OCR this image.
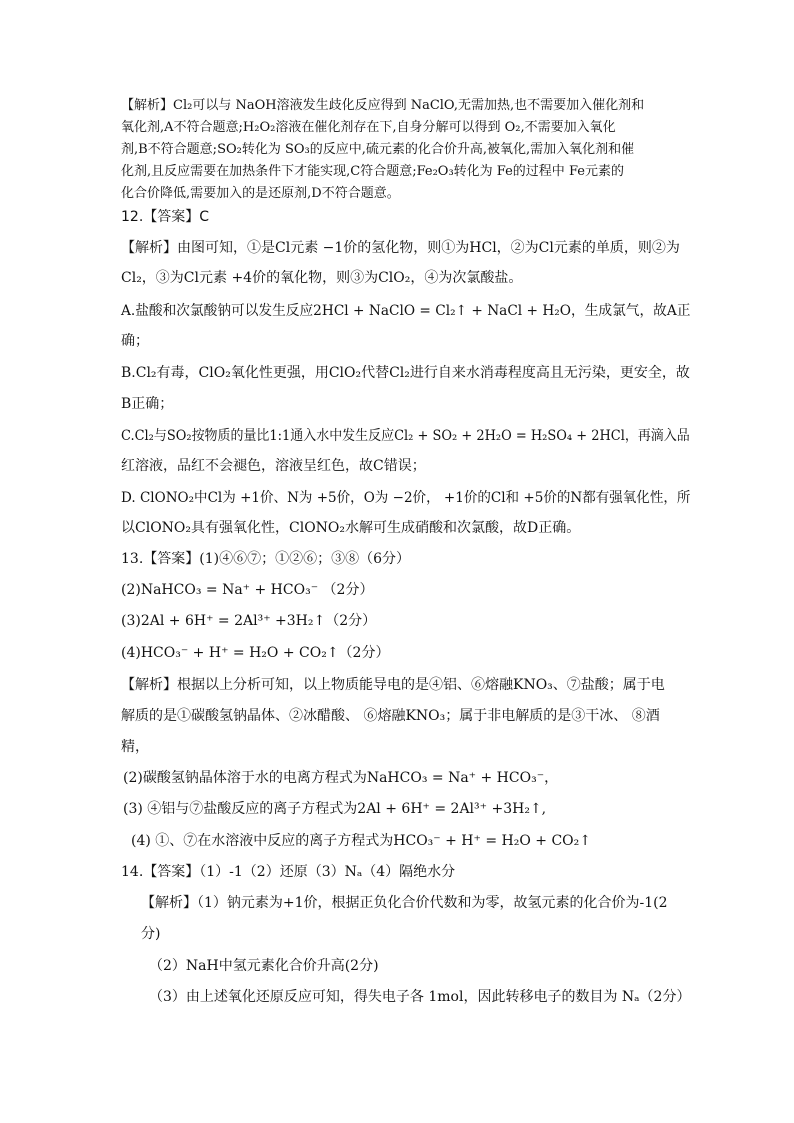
【解析】Cl₂可以与 NaOH溶液发生歧化反应得到 NaClO,无需加热,也不需要加入催化剂和
氧化剂,A不符合题意;H₂O₂溶液在催化剂存在下,自身分解可以得到 O₂,不需要加入氧化
剂,B不符合题意;SO₂转化为 SO₃的反应中,硫元素的化合价升高,被氧化,需加入氧化剂和催
化剂,且反应需要在加热条件下才能实现,C符合题意;Fe₂O₃转化为 Fe的过程中 Fe元素的
化合价降低,需要加入的是还原剂,D不符合题意。
12.【答案】C
【解析】由图可知，①是Cl元素 −1价的氢化物，则①为HCl，②为Cl元素的单质，则②为
Cl₂，③为Cl元素 +4价的氧化物，则③为ClO₂，④为次氯酸盐。
A.盐酸和次氯酸钠可以发生反应2HCl + NaClO = Cl₂↑ + NaCl + H₂O，生成氯气，故A正
确；
B.Cl₂有毒，ClO₂氧化性更强，用ClO₂代替Cl₂进行自来水消毒程度高且无污染，更安全，故
B正确；
C.Cl₂与SO₂按物质的量比1:1通入水中发生反应Cl₂ + SO₂ + 2H₂O = H₂SO₄ + 2HCl，再滴入品
红溶液，品红不会褪色，溶液呈红色，故C错误；
D. ClONO₂中Cl为 +1价、N为 +5价，O为 −2价， +1价的Cl和 +5价的N都有强氧化性，所
以ClONO₂具有强氧化性，ClONO₂水解可生成硝酸和次氯酸，故D正确。
13.【答案】(1)④⑥⑦；①②⑥；③⑧（6分）
(2)NaHCO₃ = Na⁺ + HCO₃⁻ （2分）
(3)2Al + 6H⁺ = 2Al³⁺ +3H₂↑（2分）
(4)HCO₃⁻ + H⁺ = H₂O + CO₂↑（2分）
【解析】根据以上分析可知，以上物质能导电的是④铝、⑥熔融KNO₃、⑦盐酸；属于电
解质的是①碳酸氢钠晶体、②冰醋酸、 ⑥熔融KNO₃；属于非电解质的是③干冰、 ⑧酒
精，
(2)碳酸氢钠晶体溶于水的电离方程式为NaHCO₃ = Na⁺ + HCO₃⁻，
(3) ④铝与⑦盐酸反应的离子方程式为2Al + 6H⁺ = 2Al³⁺ +3H₂↑,
(4) ①、⑦在水溶液中反应的离子方程式为HCO₃⁻ + H⁺ = H₂O + CO₂↑
14.【答案】（1）-1（2）还原（3）Nₐ（4）隔绝水分
【解析】（1）钠元素为+1价，根据正负化合价代数和为零，故氢元素的化合价为-1(2
分)
（2）NaH中氢元素化合价升高(2分)
（3）由上述氧化还原反应可知，得失电子各 1mol，因此转移电子的数目为 Nₐ（2分）
